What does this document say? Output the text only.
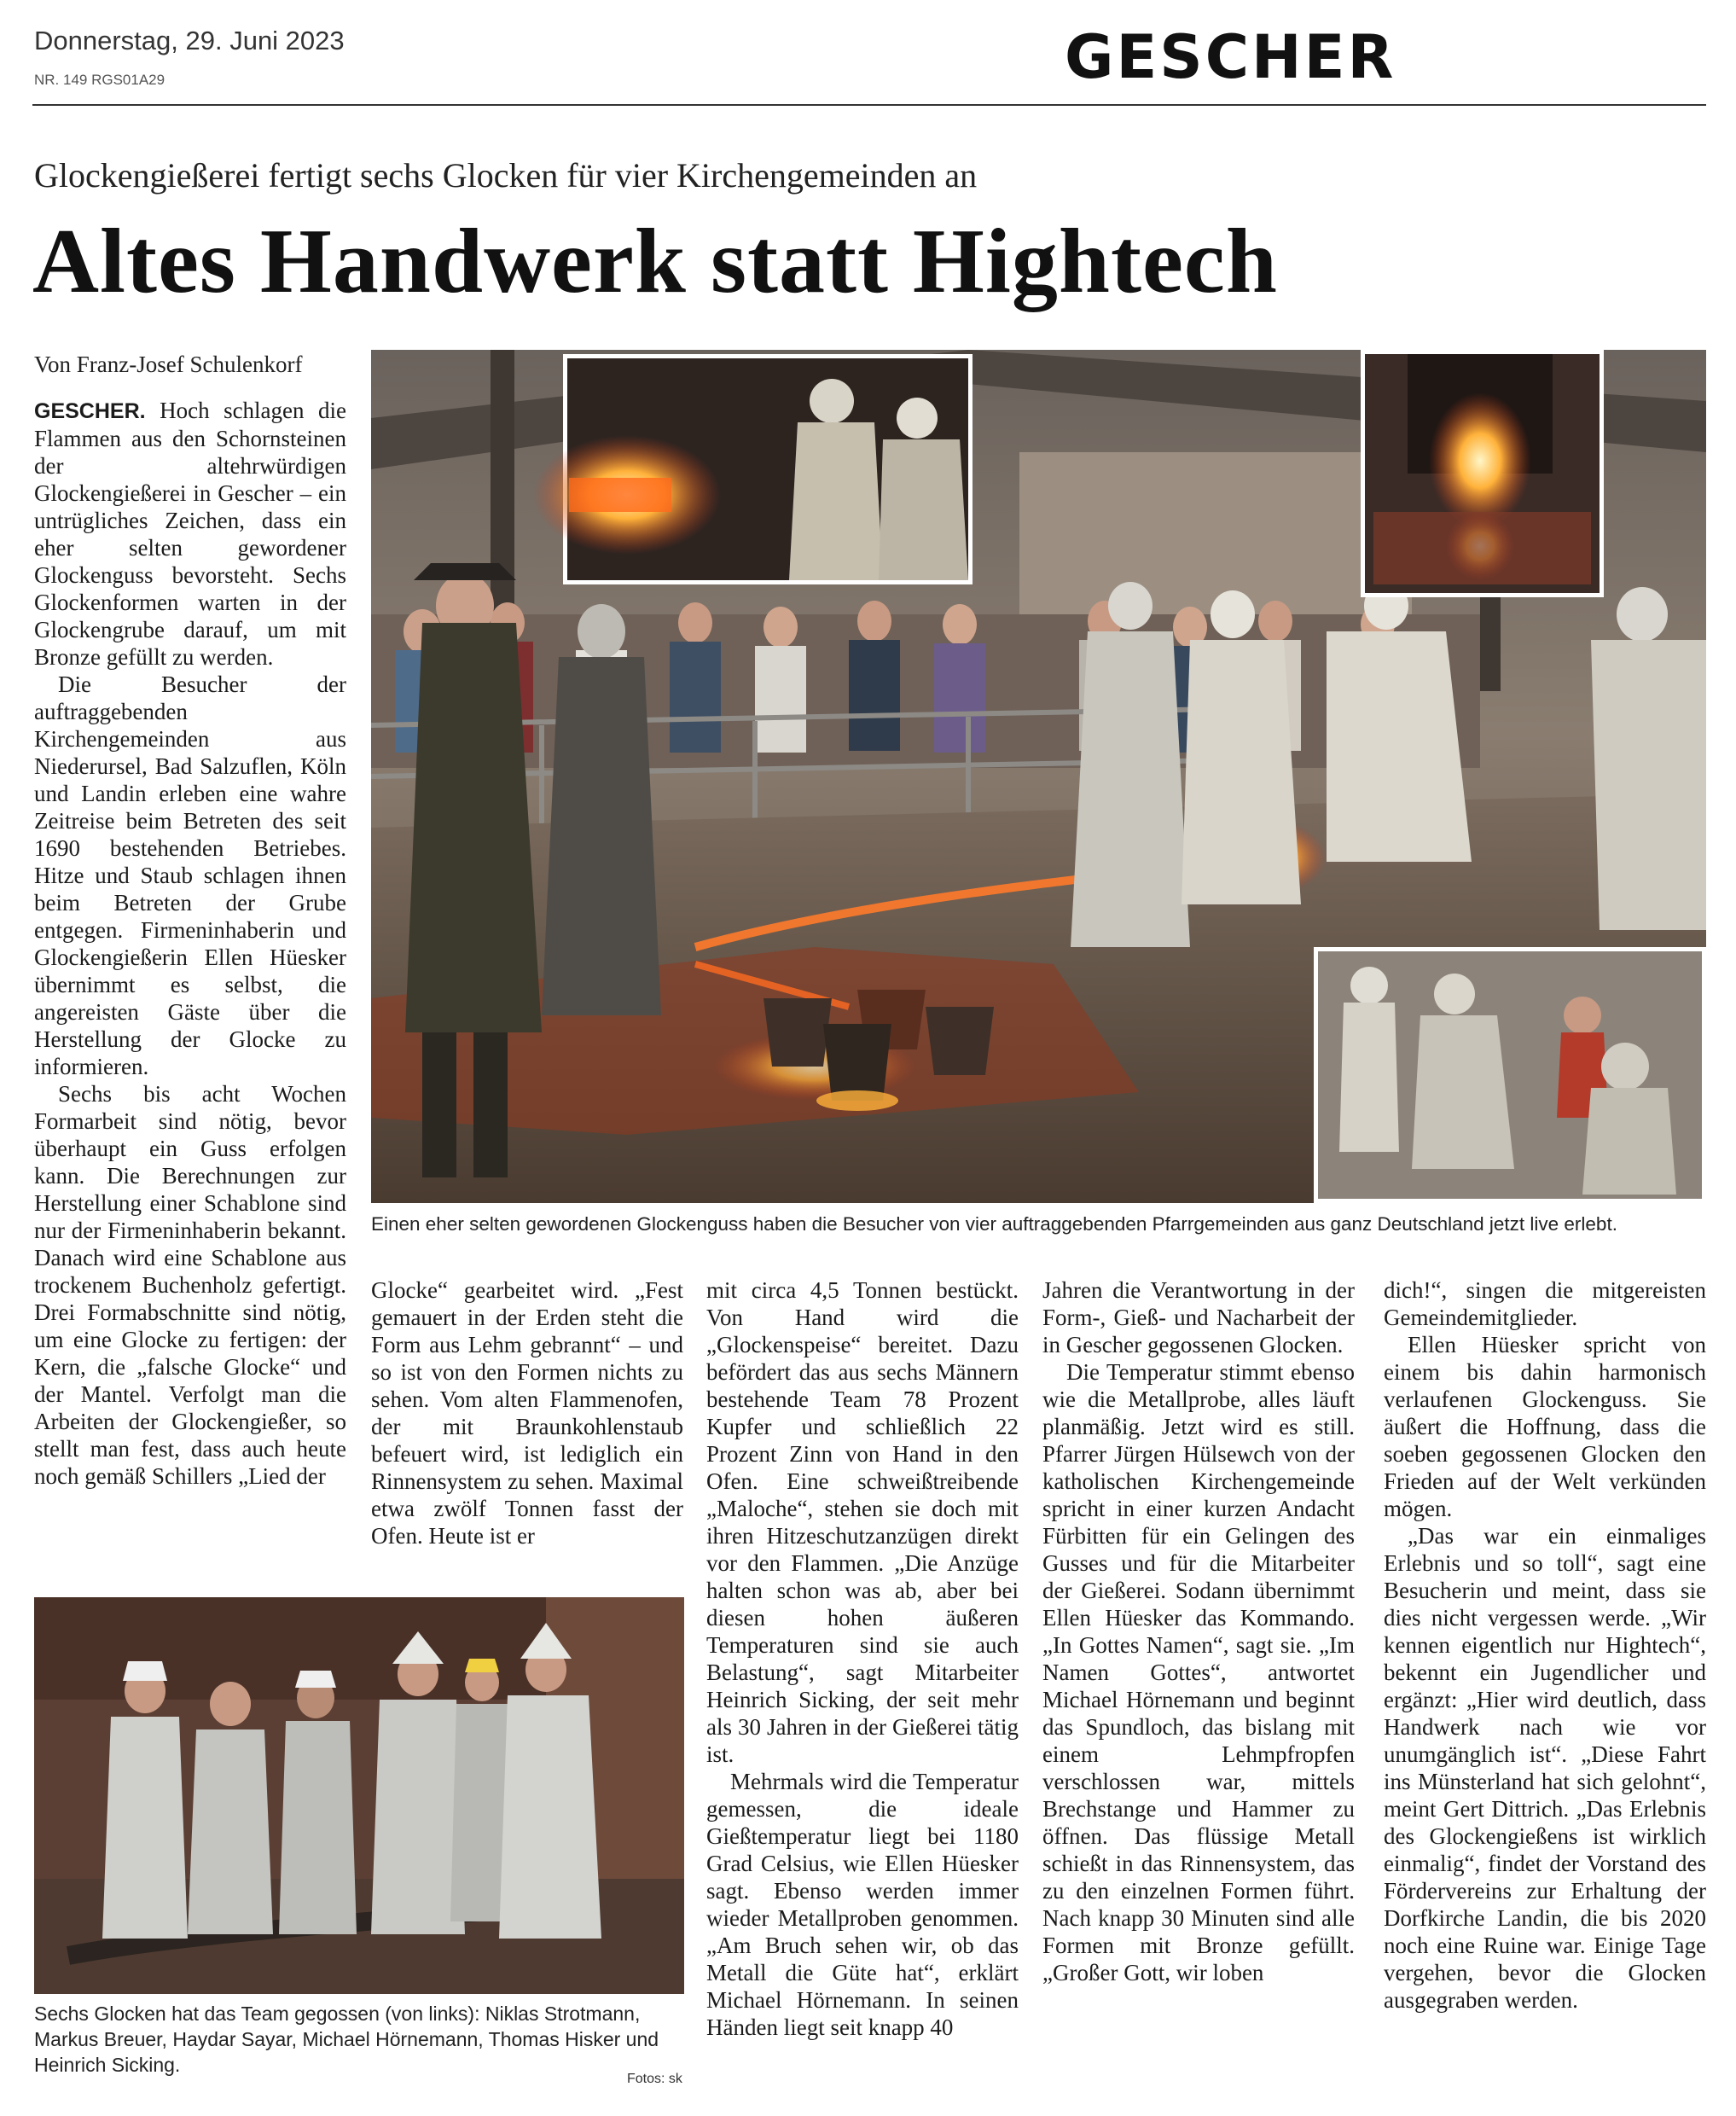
Donnerstag, 29. Juni 2023
NR. 149 RGS01A29	GESCHER
Glockengießerei fertigt sechs Glocken für vier Kirchengemeinden an
Altes Handwerk statt Hightech
Von Franz-Josef Schulenkorf
Einen eher selten gewordenen Glockenguss haben die Besucher von vier auftraggebenden Pfarrgemeinden aus ganz Deutschland jetzt live erlebt.

GESCHER. Hoch schlagen die Flammen aus den Schornsteinen der altehrwürdigen Glockengießerei in Gescher – ein untrügliches Zeichen, dass ein eher selten gewordener Glockenguss bevorsteht. Sechs Glockenformen warten in der Glockengrube darauf, um mit Bronze gefüllt zu werden.

Die Besucher der auftraggebenden Kirchengemeinden aus Niederursel, Bad Salzuflen, Köln und Landin erleben eine wahre Zeitreise beim Betreten des seit 1690 bestehenden Betriebes. Hitze und Staub schlagen ihnen beim Betreten der Grube entgegen. Firmeninhaberin und Glockengießerin Ellen Hüesker übernimmt es selbst, die angereisten Gäste über die Herstellung der Glocke zu informieren.

Sechs bis acht Wochen Formarbeit sind nötig, bevor überhaupt ein Guss erfolgen kann. Die Berechnungen zur Herstellung einer Schablone sind nur der Firmeninhaberin bekannt. Danach wird eine Schablone aus trockenem Buchenholz gefertigt. Drei Formabschnitte sind nötig, um eine Glocke zu fertigen: der Kern, die „falsche Glocke“ und der Mantel. Verfolgt man die Arbeiten der Glockengießer, so stellt man fest, dass auch heute noch gemäß Schillers „Lied der

Glocke“ gearbeitet wird. „Fest gemauert in der Erden steht die Form aus Lehm gebrannt“ – und so ist von den Formen nichts zu sehen. Vom alten Flammenofen, der mit Braunkohlenstaub befeuert wird, ist lediglich ein Rinnensystem zu sehen. Maximal etwa zwölf Tonnen fasst der Ofen. Heute ist er

Sechs Glocken hat das Team gegossen (von links): Niklas Strotmann, Markus Breuer, Haydar Sayar, Michael Hörnemann, Thomas Hisker und Heinrich Sicking.
Fotos: sk

mit circa 4,5 Tonnen bestückt. Von Hand wird die „Glockenspeise“ bereitet. Dazu befördert das aus sechs Männern bestehende Team 78 Prozent Kupfer und schließlich 22 Prozent Zinn von Hand in den Ofen. Eine schweißtreibende „Maloche“, stehen sie doch mit ihren Hitzeschutzanzügen direkt vor den Flammen. „Die Anzüge halten schon was ab, aber bei diesen hohen äußeren Temperaturen sind sie auch Belastung“, sagt Mitarbeiter Heinrich Sicking, der seit mehr als 30 Jahren in der Gießerei tätig ist.

Mehrmals wird die Temperatur gemessen, die ideale Gießtemperatur liegt bei 1180 Grad Celsius, wie Ellen Hüesker sagt. Ebenso werden immer wieder Metallproben genommen. „Am Bruch sehen wir, ob das Metall die Güte hat“, erklärt Michael Hörnemann. In seinen Händen liegt seit knapp 40

Jahren die Verantwortung in der Form-, Gieß- und Nacharbeit der in Gescher gegossenen Glocken.

Die Temperatur stimmt ebenso wie die Metallprobe, alles läuft planmäßig. Jetzt wird es still. Pfarrer Jürgen Hülsewch von der katholischen Kirchengemeinde spricht in einer kurzen Andacht Fürbitten für ein Gelingen des Gusses und für die Mitarbeiter der Gießerei. Sodann übernimmt Ellen Hüesker das Kommando. „In Gottes Namen“, sagt sie. „Im Namen Gottes“, antwortet Michael Hörnemann und beginnt das Spundloch, das bislang mit einem Lehmpfropfen verschlossen war, mittels Brechstange und Hammer zu öffnen. Das flüssige Metall schießt in das Rinnensystem, das zu den einzelnen Formen führt. Nach knapp 30 Minuten sind alle Formen mit Bronze gefüllt. „Großer Gott, wir loben

dich!“, singen die mitgereisten Gemeindemitglieder.

Ellen Hüesker spricht von einem bis dahin harmonisch verlaufenen Glockenguss. Sie äußert die Hoffnung, dass die soeben gegossenen Glocken den Frieden auf der Welt verkünden mögen.

„Das war ein einmaliges Erlebnis und so toll“, sagt eine Besucherin und meint, dass sie dies nicht vergessen werde. „Wir kennen eigentlich nur Hightech“, bekennt ein Jugendlicher und ergänzt: „Hier wird deutlich, dass Handwerk nach wie vor unumgänglich ist“. „Diese Fahrt ins Münsterland hat sich gelohnt“, meint Gert Dittrich. „Das Erlebnis des Glockengießens ist wirklich einmalig“, findet der Vorstand des Fördervereins zur Erhaltung der Dorfkirche Landin, die bis 2020 noch eine Ruine war. Einige Tage vergehen, bevor die Glocken ausgegraben werden.
